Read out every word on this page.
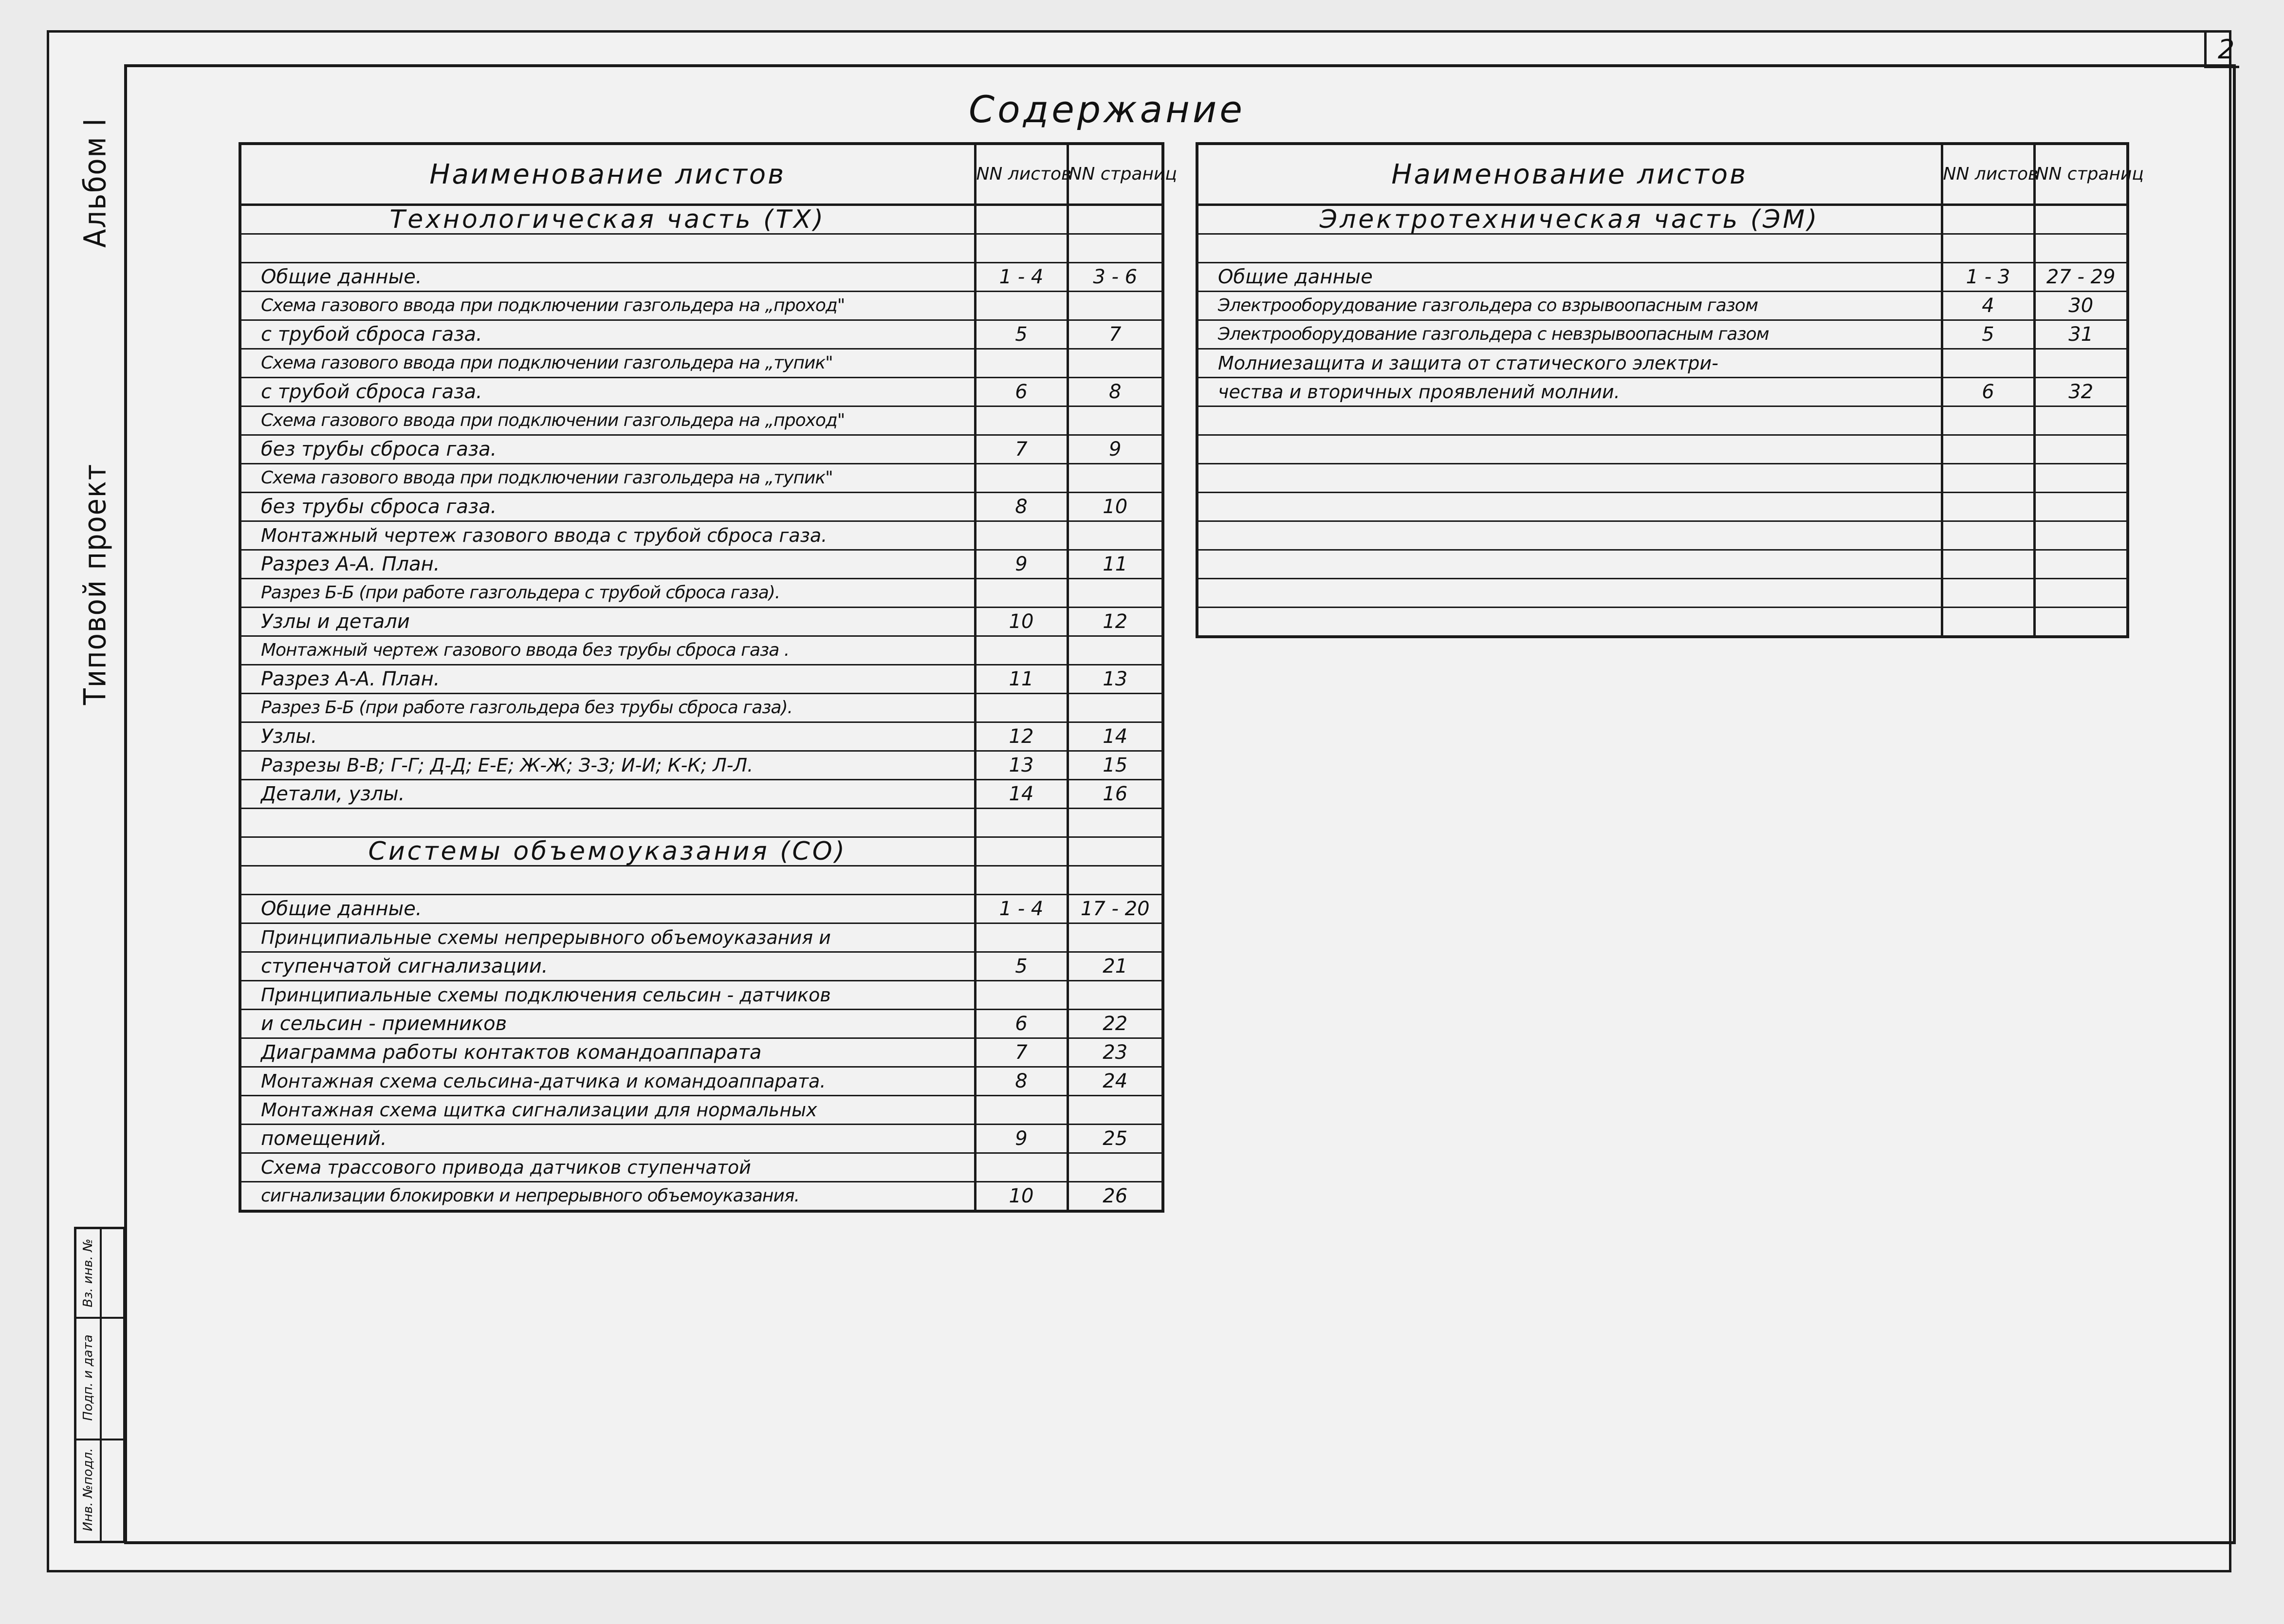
2
Альбом I
Типовой проект
Вз. инв. №
Подп. и дата
Инв. №подл.
Содержание
Наименование листов	NN листов	NN страниц
Технологическая часть (ТХ)		

Общие данные.	1 - 4	3 - 6
Схема газового ввода при подключении газгольдера на „проход"		
с трубой сброса газа.	5	7
Схема газового ввода при подключении газгольдера на „тупик"		
с трубой сброса газа.	6	8
Схема газового ввода при подключении газгольдера на „проход"		
без трубы сброса газа.	7	9
Схема газового ввода при подключении газгольдера на „тупик"		
без трубы сброса газа.	8	10
Монтажный чертеж газового ввода с трубой сброса газа.		
Разрез А-А. План.	9	11
Разрез Б-Б (при работе газгольдера с трубой сброса газа).		
Узлы и детали	10	12
Монтажный чертеж газового ввода без трубы сброса газа .		
Разрез А-А. План.	11	13
Разрез Б-Б (при работе газгольдера без трубы сброса газа).		
Узлы.	12	14
Разрезы В-В; Г-Г; Д-Д; Е-Е; Ж-Ж; З-З; И-И; К-К; Л-Л.	13	15
Детали, узлы.	14	16

Системы объемоуказания (СО)		

Общие данные.	1 - 4	17 - 20
Принципиальные схемы непрерывного объемоуказания и		
ступенчатой сигнализации.	5	21
Принципиальные схемы подключения сельсин - датчиков		
и сельсин - приемников	6	22
Диаграмма работы контактов командоаппарата	7	23
Монтажная схема сельсина-датчика и командоаппарата.	8	24
Монтажная схема щитка сигнализации для нормальных		
помещений.	9	25
Схема трассового привода датчиков ступенчатой		
сигнализации блокировки и непрерывного объемоуказания.	10	26
Наименование листов	NN листов	NN страниц
Электротехническая часть (ЭМ)		

Общие данные	1 - 3	27 - 29
Электрооборудование газгольдера со взрывоопасным газом	4	30
Электрооборудование газгольдера с невзрывоопасным газом	5	31
Молниезащита и защита от статического электри-		
чества и вторичных проявлений молнии.	6	32
